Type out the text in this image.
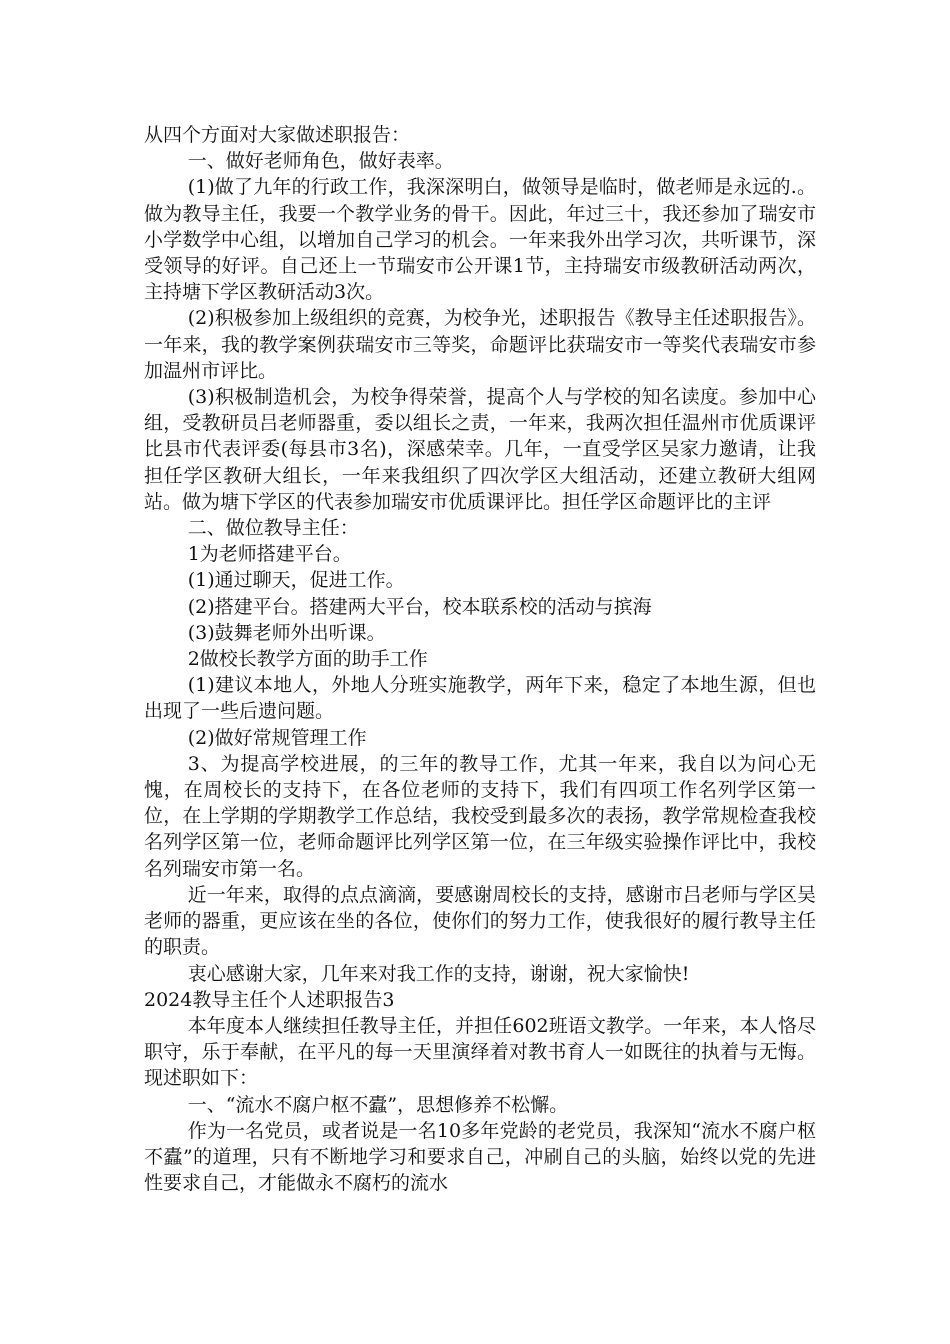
从四个方面对大家做述职报告：

一、做好老师角色，做好表率。

(1)做了九年的行政工作，我深深明白，做领导是临时，做老师是永远的.。做为教导主任，我要一个教学业务的骨干。因此，年过三十，我还参加了瑞安市小学数学中心组，以增加自己学习的机会。一年来我外出学习次，共听课节，深受领导的好评。自己还上一节瑞安市公开课1节，主持瑞安市级教研活动两次，主持塘下学区教研活动3次。

(2)积极参加上级组织的竞赛，为校争光，述职报告《教导主任述职报告》。一年来，我的教学案例获瑞安市三等奖，命题评比获瑞安市一等奖代表瑞安市参加温州市评比。

(3)积极制造机会，为校争得荣誉，提高个人与学校的知名读度。参加中心组，受教研员吕老师器重，委以组长之责，一年来，我两次担任温州市优质课评比县市代表评委(每县市3名)，深感荣幸。几年，一直受学区吴家力邀请，让我担任学区教研大组长，一年来我组织了四次学区大组活动，还建立教研大组网站。做为塘下学区的代表参加瑞安市优质课评比。担任学区命题评比的主评

二、做位教导主任：

1为老师搭建平台。

(1)通过聊天，促进工作。

(2)搭建平台。搭建两大平台，校本联系校的活动与摈海

(3)鼓舞老师外出听课。

2做校长教学方面的助手工作

(1)建议本地人，外地人分班实施教学，两年下来，稳定了本地生源，但也出现了一些后遗问题。

(2)做好常规管理工作

3、为提高学校进展，的三年的教导工作，尤其一年来，我自以为问心无愧，在周校长的支持下，在各位老师的支持下，我们有四项工作名列学区第一位，在上学期的学期教学工作总结，我校受到最多次的表扬，教学常规检查我校名列学区第一位，老师命题评比列学区第一位，在三年级实验操作评比中，我校名列瑞安市第一名。

近一年来，取得的点点滴滴，要感谢周校长的支持，感谢市吕老师与学区吴老师的器重，更应该在坐的各位，使你们的努力工作，使我很好的履行教导主任的职责。

衷心感谢大家，几年来对我工作的支持，谢谢，祝大家愉快!

2024教导主任个人述职报告3

本年度本人继续担任教导主任，并担任602班语文教学。一年来，本人恪尽职守，乐于奉献，在平凡的每一天里演绎着对教书育人一如既往的执着与无悔。现述职如下：

一、“流水不腐户枢不蠹”，思想修养不松懈。

作为一名党员，或者说是一名10多年党龄的老党员，我深知“流水不腐户枢不蠹”的道理，只有不断地学习和要求自己，冲刷自己的头脑，始终以党的先进性要求自己，才能做永不腐朽的流水
